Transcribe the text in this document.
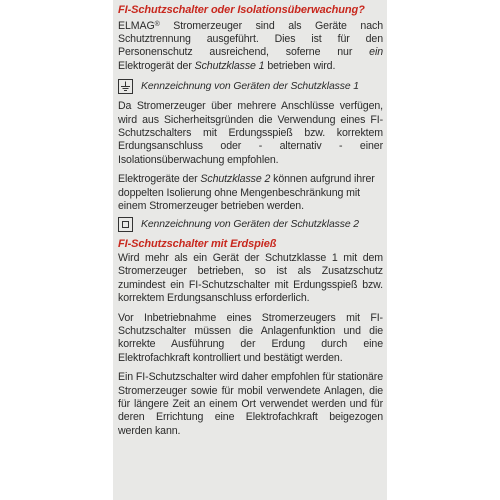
FI-Schutzschalter oder Isolationsüberwachung?

ELMAG® Stromerzeuger sind als Geräte nach Schutztrennung ausgeführt. Dies ist für den Personenschutz ausreichend, soferne nur ein Elektrogerät der Schutzklasse 1 betrieben wird.

Kennzeichnung von Geräten der Schutzklasse 1

Da Stromerzeuger über mehrere Anschlüsse verfügen, wird aus Sicherheitsgründen die Verwendung eines FI-Schutzschalters mit Erdungsspieß bzw. korrektem Erdungsanschluss oder - alternativ - einer Isolationsüberwachung empfohlen.

Elektrogeräte der Schutzklasse 2 können aufgrund ihrer doppelten Isolierung ohne Mengenbeschränkung mit einem Stromerzeuger betrieben werden.

Kennzeichnung von Geräten der Schutzklasse 2
FI-Schutzschalter mit Erdspieß

Wird mehr als ein Gerät der Schutzklasse 1 mit dem Stromerzeuger betrieben, so ist als Zusatzschutz zumindest ein FI-Schutzschalter mit Erdungsspieß bzw. korrektem Erdungsanschluss erforderlich.

Vor Inbetriebnahme eines Stromerzeugers mit FI-Schutzschalter müssen die Anlagenfunktion und die korrekte Ausführung der Erdung durch eine Elektrofachkraft kontrolliert und bestätigt werden.

Ein FI-Schutzschalter wird daher empfohlen für stationäre Stromerzeuger sowie für mobil verwendete Anlagen, die für längere Zeit an einem Ort verwendet werden und für deren Errichtung eine Elektrofachkraft beigezogen werden kann.
